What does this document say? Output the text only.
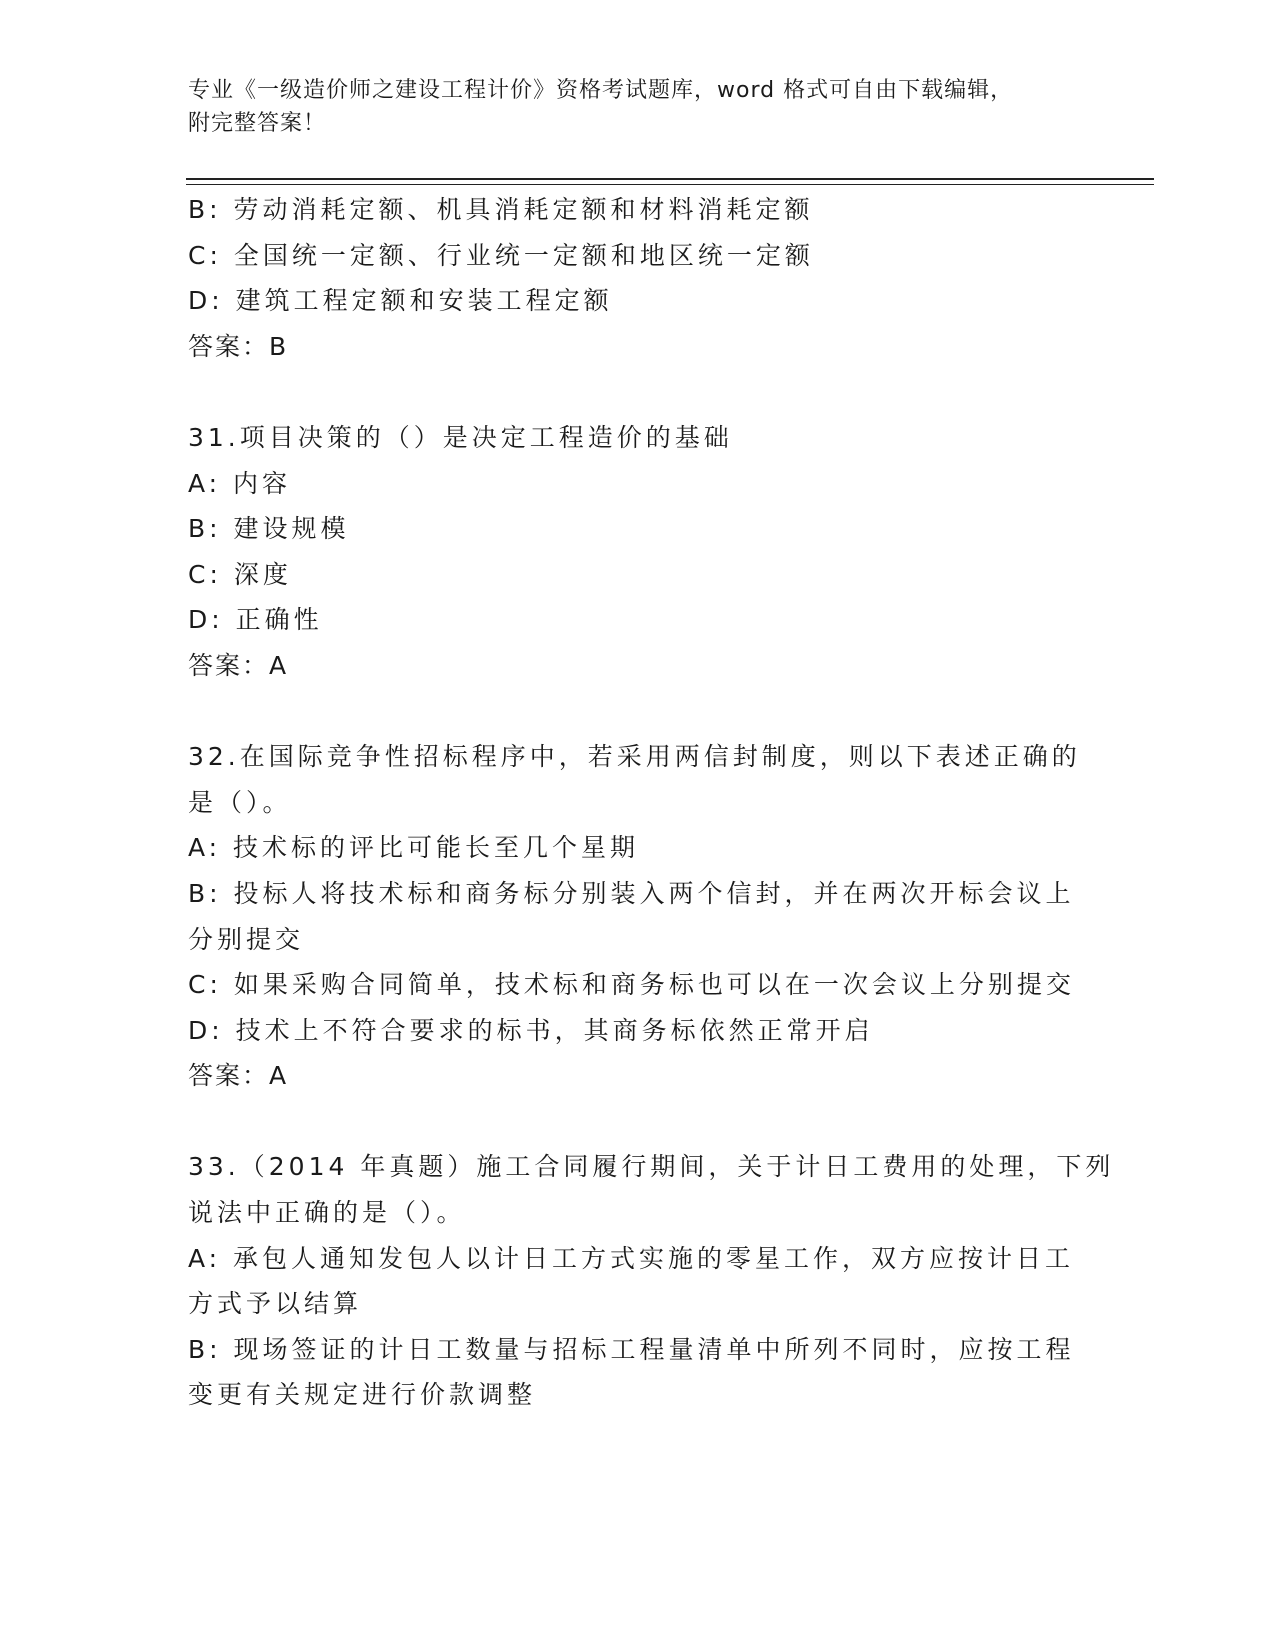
专业《一级造价师之建设工程计价》资格考试题库，word 格式可自由下载编辑，
附完整答案！
B: 劳动消耗定额、机具消耗定额和材料消耗定额
C: 全国统一定额、行业统一定额和地区统一定额
D: 建筑工程定额和安装工程定额
答案：B
31.项目决策的（）是决定工程造价的基础
A: 内容
B: 建设规模
C: 深度
D: 正确性
答案：A
32.在国际竞争性招标程序中，若采用两信封制度，则以下表述正确的
是（）。
A: 技术标的评比可能长至几个星期
B: 投标人将技术标和商务标分别装入两个信封，并在两次开标会议上
分别提交
C: 如果采购合同简单，技术标和商务标也可以在一次会议上分别提交
D: 技术上不符合要求的标书，其商务标依然正常开启
答案：A
33.（2014 年真题）施工合同履行期间，关于计日工费用的处理，下列
说法中正确的是（）。
A: 承包人通知发包人以计日工方式实施的零星工作，双方应按计日工
方式予以结算
B: 现场签证的计日工数量与招标工程量清单中所列不同时，应按工程
变更有关规定进行价款调整
